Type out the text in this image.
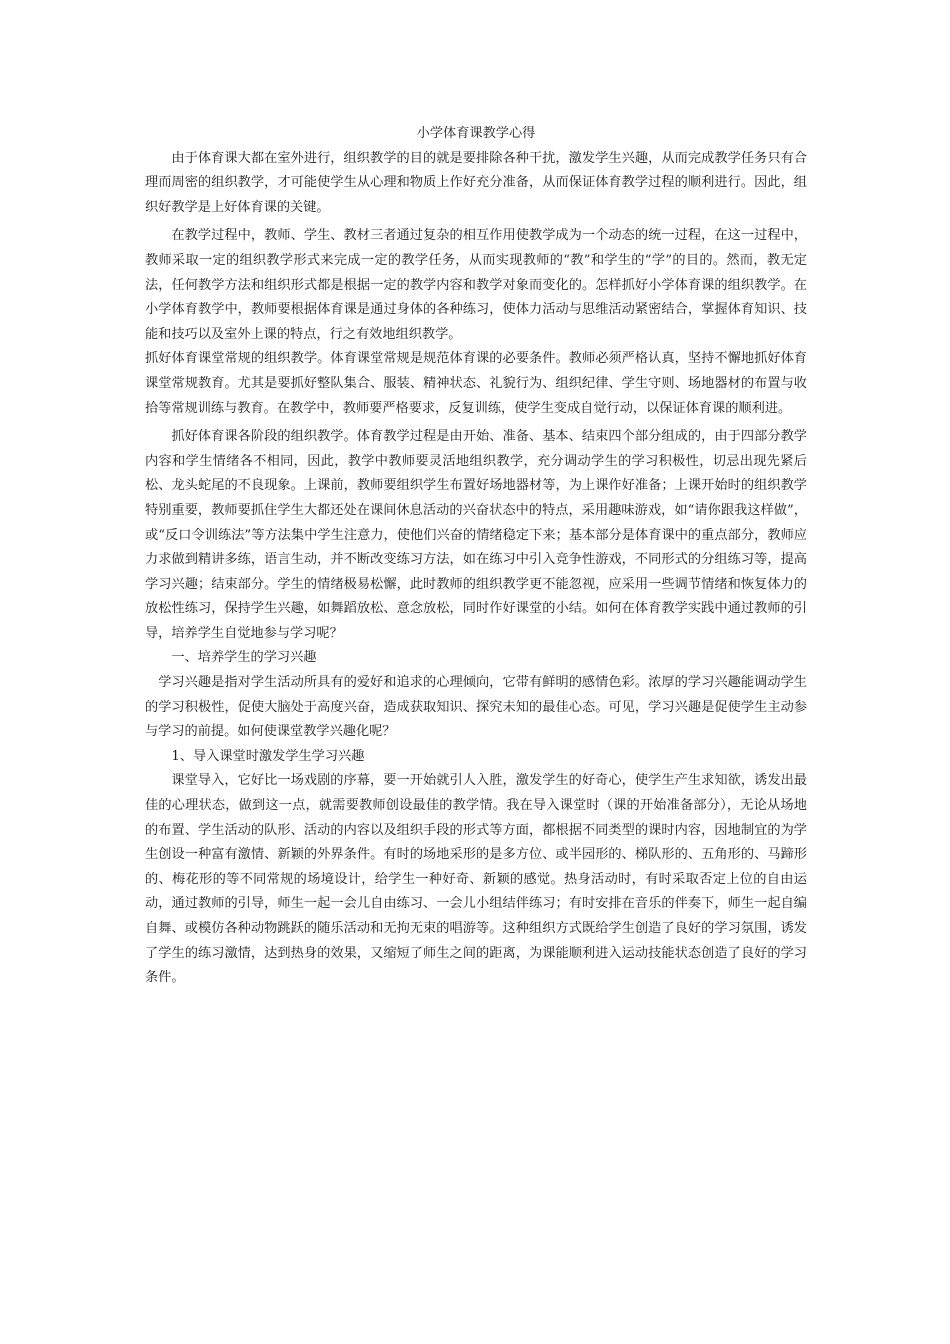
小学体育课教学心得

由于体育课大都在室外进行，组织教学的目的就是要排除各种干扰，激发学生兴趣，从而完成教学任务只有合理而周密的组织教学，才可能使学生从心理和物质上作好充分准备，从而保证体育教学过程的顺利进行。因此，组织好教学是上好体育课的关键。

在教学过程中，教师、学生、教材三者通过复杂的相互作用使教学成为一个动态的统一过程，在这一过程中，教师采取一定的组织教学形式来完成一定的教学任务，从而实现教师的“教”和学生的“学”的目的。然而，教无定法，任何教学方法和组织形式都是根据一定的教学内容和教学对象而变化的。怎样抓好小学体育课的组织教学。在小学体育教学中，教师要根据体育课是通过身体的各种练习，使体力活动与思维活动紧密结合，掌握体育知识、技能和技巧以及室外上课的特点，行之有效地组织教学。

抓好体育课堂常规的组织教学。体育课堂常规是规范体育课的必要条件。教师必须严格认真，坚持不懈地抓好体育课堂常规教育。尤其是要抓好整队集合、服装、精神状态、礼貌行为、组织纪律、学生守则、场地器材的布置与收拾等常规训练与教育。在教学中，教师要严格要求，反复训练，使学生变成自觉行动，以保证体育课的顺利进。

抓好体育课各阶段的组织教学。体育教学过程是由开始、准备、基本、结束四个部分组成的，由于四部分教学内容和学生情绪各不相同，因此，教学中教师要灵活地组织教学，充分调动学生的学习积极性，切忌出现先紧后松、龙头蛇尾的不良现象。上课前，教师要组织学生布置好场地器材等，为上课作好准备；上课开始时的组织教学特别重要，教师要抓住学生大都还处在课间休息活动的兴奋状态中的特点，采用趣味游戏，如“请你跟我这样做”，或“反口令训练法”等方法集中学生注意力，使他们兴奋的情绪稳定下来；基本部分是体育课中的重点部分，教师应力求做到精讲多练，语言生动，并不断改变练习方法，如在练习中引入竞争性游戏，不同形式的分组练习等，提高学习兴趣；结束部分。学生的情绪极易松懈，此时教师的组织教学更不能忽视，应采用一些调节情绪和恢复体力的放松性练习，保持学生兴趣，如舞蹈放松、意念放松，同时作好课堂的小结。如何在体育教学实践中通过教师的引导，培养学生自觉地参与学习呢？

一、培养学生的学习兴趣

学习兴趣是指对学生活动所具有的爱好和追求的心理倾向，它带有鲜明的感情色彩。浓厚的学习兴趣能调动学生的学习积极性，促使大脑处于高度兴奋，造成获取知识、探究未知的最佳心态。可见，学习兴趣是促使学生主动参与学习的前提。如何使课堂教学兴趣化呢？

1、导入课堂时激发学生学习兴趣

课堂导入，它好比一场戏剧的序幕，要一开始就引人入胜，激发学生的好奇心，使学生产生求知欲，诱发出最佳的心理状态，做到这一点，就需要教师创设最佳的教学情。我在导入课堂时（课的开始准备部分），无论从场地的布置、学生活动的队形、活动的内容以及组织手段的形式等方面，都根据不同类型的课时内容，因地制宜的为学生创设一种富有激情、新颖的外界条件。有时的场地采形的是多方位、或半园形的、梯队形的、五角形的、马蹄形的、梅花形的等不同常规的场境设计，给学生一种好奇、新颖的感觉。热身活动时，有时采取否定上位的自由运动，通过教师的引导，师生一起一会儿自由练习、一会儿小组结伴练习；有时安排在音乐的伴奏下，师生一起自编自舞、或模仿各种动物跳跃的随乐活动和无拘无束的唱游等。这种组织方式既给学生创造了良好的学习氛围，诱发了学生的练习激情，达到热身的效果，又缩短了师生之间的距离，为课能顺利进入运动技能状态创造了良好的学习条件。
